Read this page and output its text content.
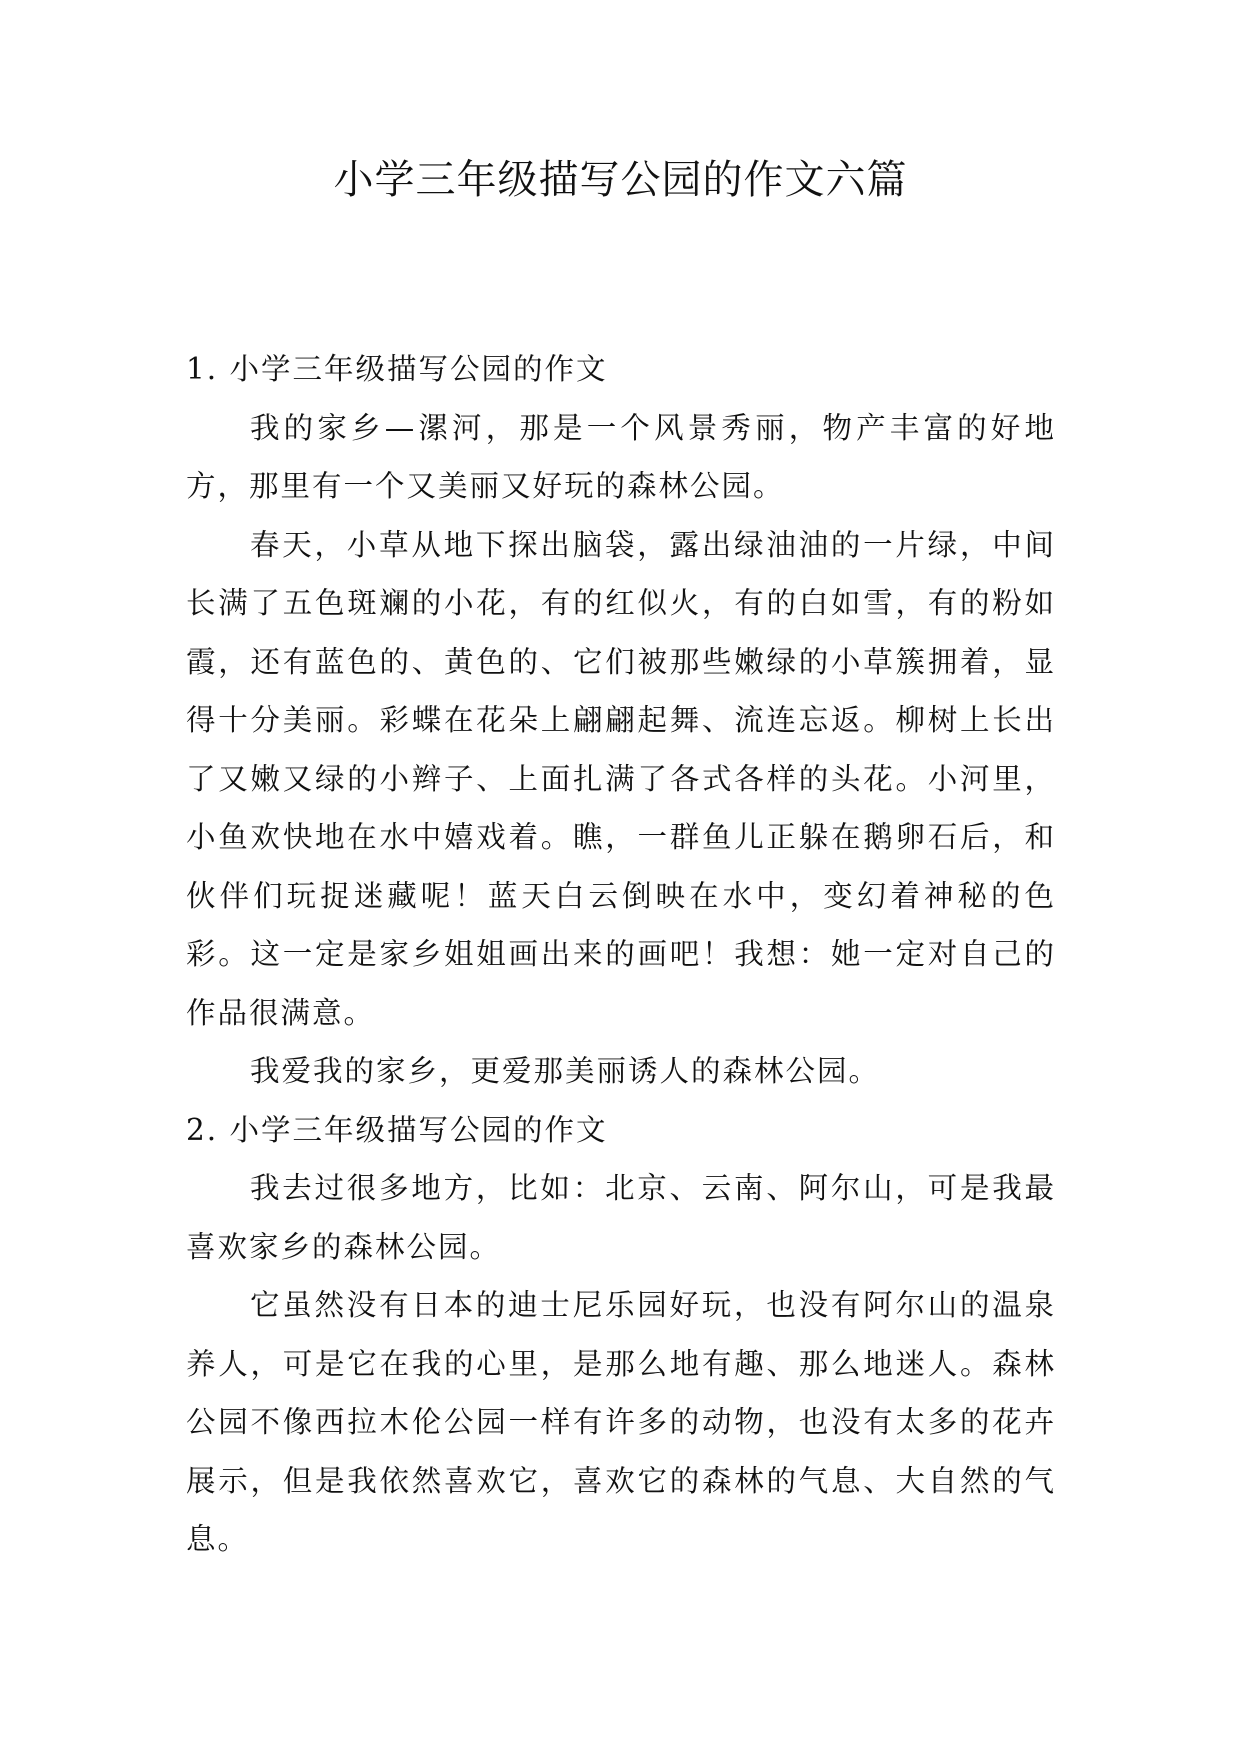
小学三年级描写公园的作文六篇

1. 小学三年级描写公园的作文

我的家乡—漯河，那是一个风景秀丽，物产丰富的好地方，那里有一个又美丽又好玩的森林公园。

春天，小草从地下探出脑袋，露出绿油油的一片绿，中间长满了五色斑斓的小花，有的红似火，有的白如雪，有的粉如霞，还有蓝色的、黄色的、它们被那些嫩绿的小草簇拥着，显得十分美丽。彩蝶在花朵上翩翩起舞、流连忘返。柳树上长出了又嫩又绿的小辫子、上面扎满了各式各样的头花。小河里，小鱼欢快地在水中嬉戏着。瞧，一群鱼儿正躲在鹅卵石后，和伙伴们玩捉迷藏呢！蓝天白云倒映在水中，变幻着神秘的色彩。这一定是家乡姐姐画出来的画吧！我想：她一定对自己的作品很满意。

我爱我的家乡，更爱那美丽诱人的森林公园。

2. 小学三年级描写公园的作文

我去过很多地方，比如：北京、云南、阿尔山，可是我最喜欢家乡的森林公园。

它虽然没有日本的迪士尼乐园好玩，也没有阿尔山的温泉养人，可是它在我的心里，是那么地有趣、那么地迷人。森林公园不像西拉木伦公园一样有许多的动物，也没有太多的花卉展示，但是我依然喜欢它，喜欢它的森林的气息、大自然的气息。
